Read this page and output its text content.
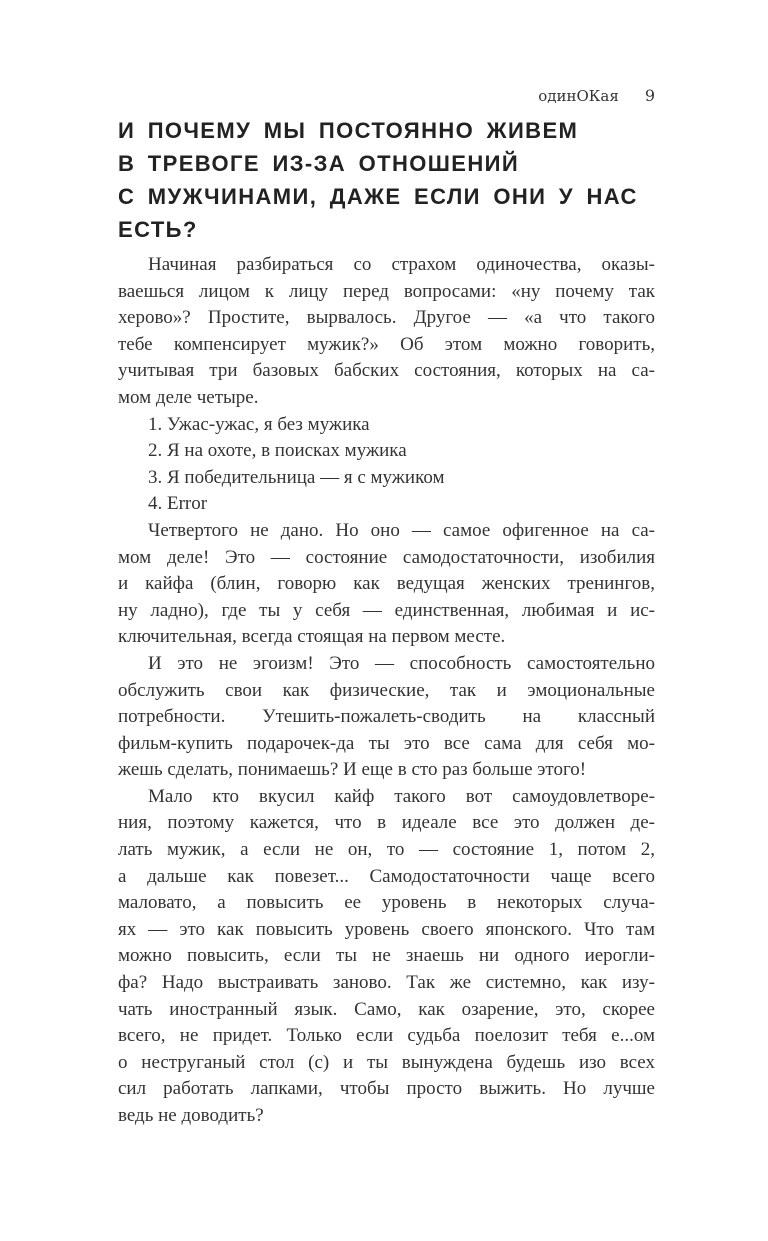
одинОКая 9
И ПОЧЕМУ МЫ ПОСТОЯННО ЖИВЕМ
В ТРЕВОГЕ ИЗ-ЗА ОТНОШЕНИЙ
С МУЖЧИНАМИ, ДАЖЕ ЕСЛИ ОНИ У НАС
ЕСТЬ?
Начиная разбираться со страхом одиночества, оказы-
ваешься лицом к лицу перед вопросами: «ну почему так
херово»? Простите, вырвалось. Другое — «а что такого
тебе компенсирует мужик?» Об этом можно говорить,
учитывая три базовых бабских состояния, которых на са-
мом деле четыре.
1. Ужас-ужас, я без мужика
2. Я на охоте, в поисках мужика
3. Я победительница — я с мужиком
4. Error
Четвертого не дано. Но оно — самое офигенное на са-
мом деле! Это — состояние самодостаточности, изобилия
и кайфа (блин, говорю как ведущая женских тренингов,
ну ладно), где ты у себя — единственная, любимая и ис-
ключительная, всегда стоящая на первом месте.
И это не эгоизм! Это — способность самостоятельно
обслужить свои как физические, так и эмоциональные
потребности. Утешить-пожалеть-сводить на классный
фильм-купить подарочек-да ты это все сама для себя мо-
жешь сделать, понимаешь? И еще в сто раз больше этого!
Мало кто вкусил кайф такого вот самоудовлетворе-
ния, поэтому кажется, что в идеале все это должен де-
лать мужик, а если не он, то — состояние 1, потом 2,
а дальше как повезет... Самодостаточности чаще всего
маловато, а повысить ее уровень в некоторых случа-
ях — это как повысить уровень своего японского. Что там
можно повысить, если ты не знаешь ни одного иерогли-
фа? Надо выстраивать заново. Так же системно, как изу-
чать иностранный язык. Само, как озарение, это, скорее
всего, не придет. Только если судьба поелозит тебя е...ом
о неструганый стол (с) и ты вынуждена будешь изо всех
сил работать лапками, чтобы просто выжить. Но лучше
ведь не доводить?
